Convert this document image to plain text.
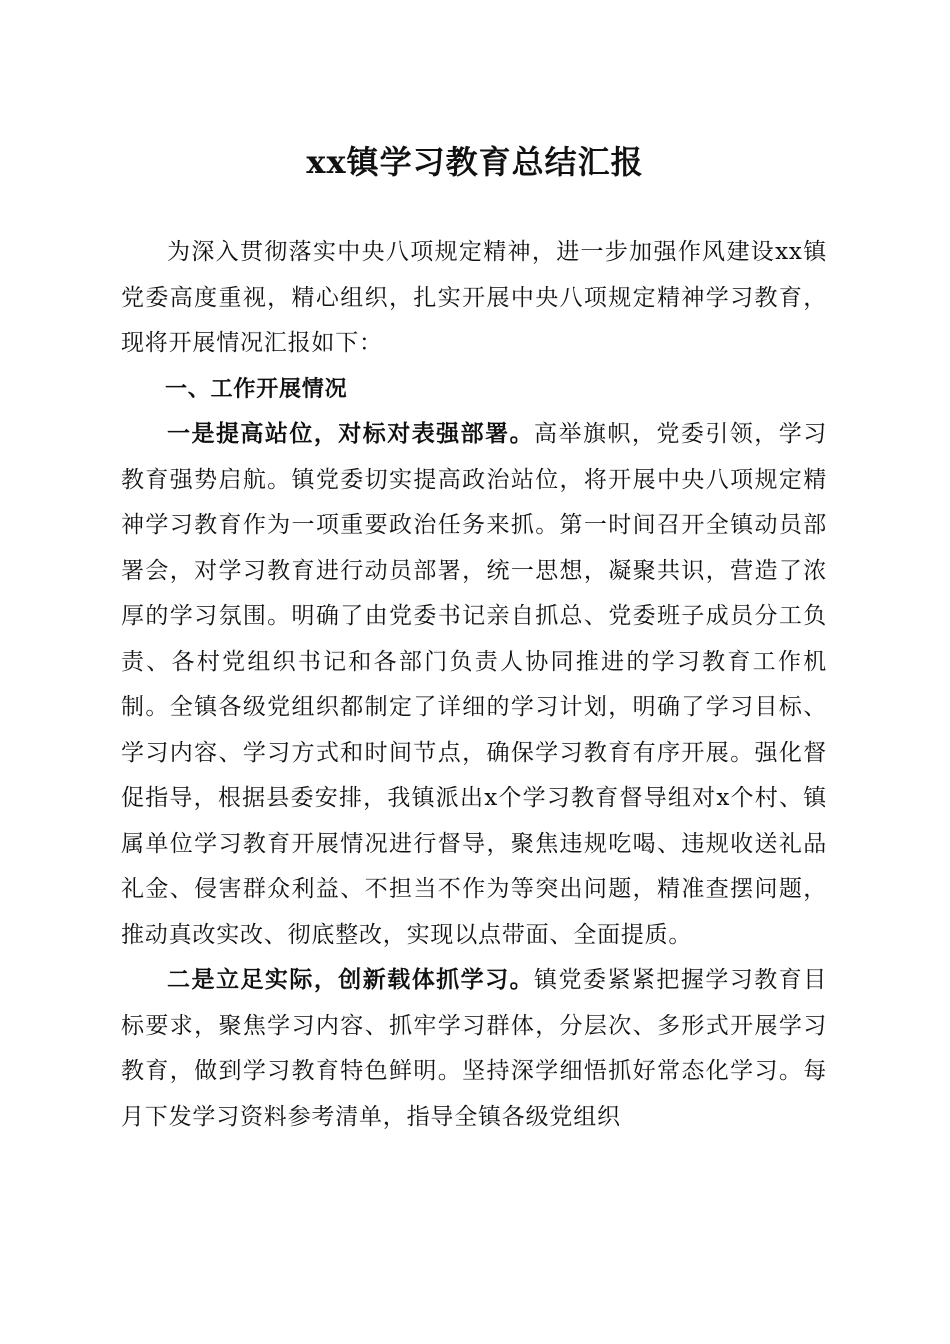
xx镇学习教育总结汇报

为深入贯彻落实中央八项规定精神，进一步加强作风建设xx镇党委高度重视，精心组织，扎实开展中央八项规定精神学习教育，现将开展情况汇报如下：

一、工作开展情况

一是提高站位，对标对表强部署。高举旗帜，党委引领，学习教育强势启航。镇党委切实提高政治站位，将开展中央八项规定精神学习教育作为一项重要政治任务来抓。第一时间召开全镇动员部署会，对学习教育进行动员部署，统一思想，凝聚共识，营造了浓厚的学习氛围。明确了由党委书记亲自抓总、党委班子成员分工负责、各村党组织书记和各部门负责人协同推进的学习教育工作机制。全镇各级党组织都制定了详细的学习计划，明确了学习目标、学习内容、学习方式和时间节点，确保学习教育有序开展。强化督促指导，根据县委安排，我镇派出x个学习教育督导组对x个村、镇属单位学习教育开展情况进行督导，聚焦违规吃喝、违规收送礼品礼金、侵害群众利益、不担当不作为等突出问题，精准查摆问题，推动真改实改、彻底整改，实现以点带面、全面提质。

二是立足实际，创新载体抓学习。镇党委紧紧把握学习教育目标要求，聚焦学习内容、抓牢学习群体，分层次、多形式开展学习教育，做到学习教育特色鲜明。坚持深学细悟抓好常态化学习。每月下发学习资料参考清单，指导全镇各级党组织
